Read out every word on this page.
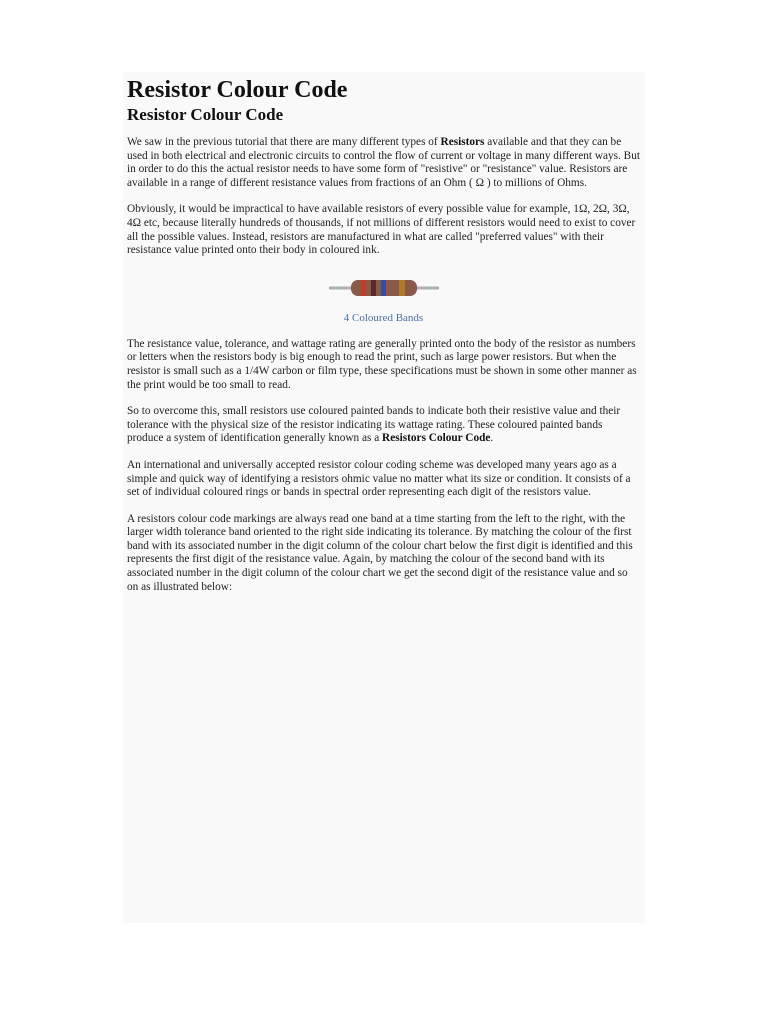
Resistor Colour Code
Resistor Colour Code

We saw in the previous tutorial that there are many different types of Resistors available and that they can be used in both electrical and electronic circuits to control the flow of current or voltage in many different ways. But in order to do this the actual resistor needs to have some form of "resistive" or "resistance" value. Resistors are available in a range of different resistance values from fractions of an Ohm ( Ω ) to millions of Ohms.

Obviously, it would be impractical to have available resistors of every possible value for example, 1Ω, 2Ω, 3Ω, 4Ω etc, because literally hundreds of thousands, if not millions of different resistors would need to exist to cover all the possible values. Instead, resistors are manufactured in what are called "preferred values" with their resistance value printed onto their body in coloured ink.

4 Coloured Bands

The resistance value, tolerance, and wattage rating are generally printed onto the body of the resistor as numbers or letters when the resistors body is big enough to read the print, such as large power resistors. But when the resistor is small such as a 1/4W carbon or film type, these specifications must be shown in some other manner as the print would be too small to read.

So to overcome this, small resistors use coloured painted bands to indicate both their resistive value and their tolerance with the physical size of the resistor indicating its wattage rating. These coloured painted bands produce a system of identification generally known as a Resistors Colour Code.

An international and universally accepted resistor colour coding scheme was developed many years ago as a simple and quick way of identifying a resistors ohmic value no matter what its size or condition. It consists of a set of individual coloured rings or bands in spectral order representing each digit of the resistors value.

A resistors colour code markings are always read one band at a time starting from the left to the right, with the larger width tolerance band oriented to the right side indicating its tolerance. By matching the colour of the first band with its associated number in the digit column of the colour chart below the first digit is identified and this represents the first digit of the resistance value. Again, by matching the colour of the second band with its associated number in the digit column of the colour chart we get the second digit of the resistance value and so on as illustrated below:
